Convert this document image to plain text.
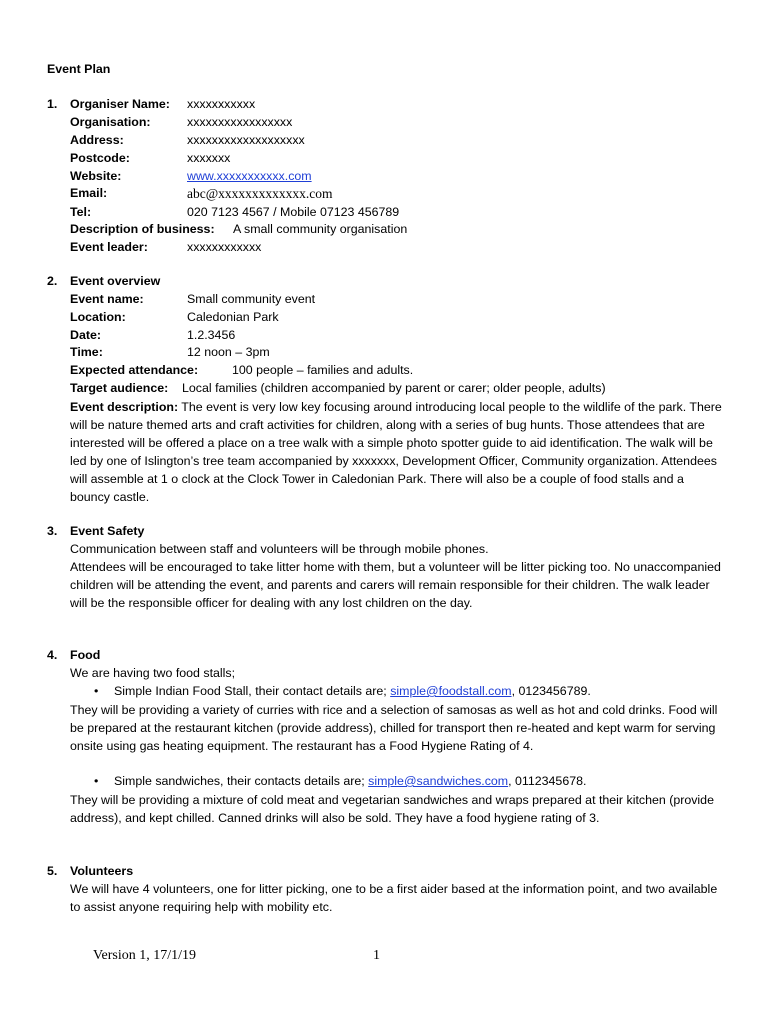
Event Plan
1. Organiser Name: xxxxxxxxxxx
Organisation:	xxxxxxxxxxxxxxxxx
Address:	xxxxxxxxxxxxxxxxxxx
Postcode:	xxxxxxx
Website:	www.xxxxxxxxxxx.com
Email:	abc@xxxxxxxxxxxxx.com
Tel:	020 7123 4567 / Mobile 07123 456789
Description of business: A small community organisation
Event leader:	xxxxxxxxxxxx
2. Event overview
Event name:	Small community event
Location:	Caledonian Park
Date:	1.2.3456
Time:	12 noon – 3pm
Expected attendance:	100 people – families and adults.
Target audience: Local families (children accompanied by parent or carer; older people, adults)

Event description: The event is very low key focusing around introducing local people to the wildlife of the park. There will be nature themed arts and craft activities for children, along with a series of bug hunts. Those attendees that are interested will be offered a place on a tree walk with a simple photo spotter guide to aid identification. The walk will be led by one of Islington’s tree team accompanied by xxxxxxx, Development Officer, Community organization. Attendees will assemble at 1 o clock at the Clock Tower in Caledonian Park. There will also be a couple of food stalls and a bouncy castle.

3. Event Safety

Communication between staff and volunteers will be through mobile phones.

Attendees will be encouraged to take litter home with them, but a volunteer will be litter picking too. No unaccompanied children will be attending the event, and parents and carers will remain responsible for their children. The walk leader will be the responsible officer for dealing with any lost children on the day.

4. Food
We are having two food stalls;
• Simple Indian Food Stall, their contact details are; simple@foodstall.com, 0123456789.
They will be providing a variety of curries with rice and a selection of samosas as well as hot and cold drinks. Food will be prepared at the restaurant kitchen (provide address), chilled for transport then re-heated and kept warm for serving onsite using gas heating equipment. The restaurant has a Food Hygiene Rating of 4.
• Simple sandwiches, their contacts details are; simple@sandwiches.com, 0112345678.
They will be providing a mixture of cold meat and vegetarian sandwiches and wraps prepared at their kitchen (provide address), and kept chilled. Canned drinks will also be sold. They have a food hygiene rating of 3.
5. Volunteers
We will have 4 volunteers, one for litter picking, one to be a first aider based at the information point, and two available to assist anyone requiring help with mobility etc.
Version 1, 17/1/19	1
